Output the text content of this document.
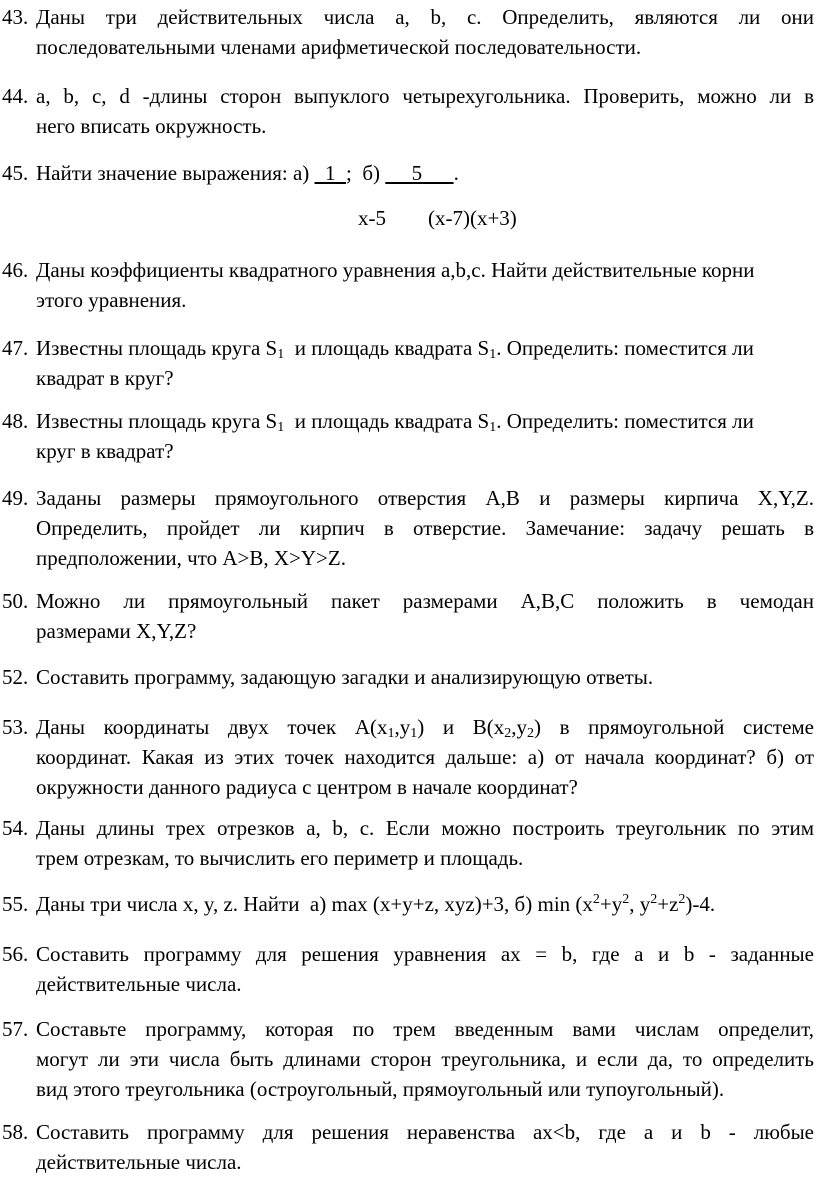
43. Даны три действительных числа a, b, c. Определить, являются ли они
последовательными членами арифметической последовательности.
44. a, b, c, d -длины сторон выпуклого четырехугольника. Проверить, можно ли в
него вписать окружность.
45. Найти значение выражения: а)   1  ;  б)      5      .
x-5        (x-7)(x+3)
46. Даны коэффициенты квадратного уравнения a,b,c. Найти действительные корни
этого уравнения.
47. Известны площадь круга $S_1$  и площадь квадрата $S_1$. Определить: поместится ли
квадрат в круг?
48. Известны площадь круга $S_1$  и площадь квадрата $S_1$. Определить: поместится ли
круг в квадрат?
49. Заданы размеры прямоугольного отверстия A,B и размеры кирпича X,Y,Z.
Определить, пройдет ли кирпич в отверстие. Замечание: задачу решать в
предположении, что A>B, X>Y>Z.
50. Можно ли прямоугольный пакет размерами A,B,C положить в чемодан
размерами X,Y,Z?
52. Составить программу, задающую загадки и анализирующую ответы.
53. Даны координаты двух точек $A(x_1,y_1)$ и $B(x_2,y_2)$ в прямоугольной системе
координат. Какая из этих точек находится дальше: а) от начала координат? б) от
окружности данного радиуса с центром в начале координат?
54. Даны длины трех отрезков a, b, c. Если можно построить треугольник по этим
трем отрезкам, то вычислить его периметр и площадь.
55. Даны три числа x, y, z. Найти  а) max (x+y+z, xyz)+3, б) $\min (x^2+y^2$, $y^2+z^2)-4$.
56. Составить программу для решения уравнения ax = b, где a и b - заданные
действительные числа.
57. Составьте программу, которая по трем введенным вами числам определит,
могут ли эти числа быть длинами сторон треугольника, и если да, то определить
вид этого треугольника (остроугольный, прямоугольный или тупоугольный).
58. Составить программу для решения неравенства ax<b, где a и b - любые
действительные числа.
